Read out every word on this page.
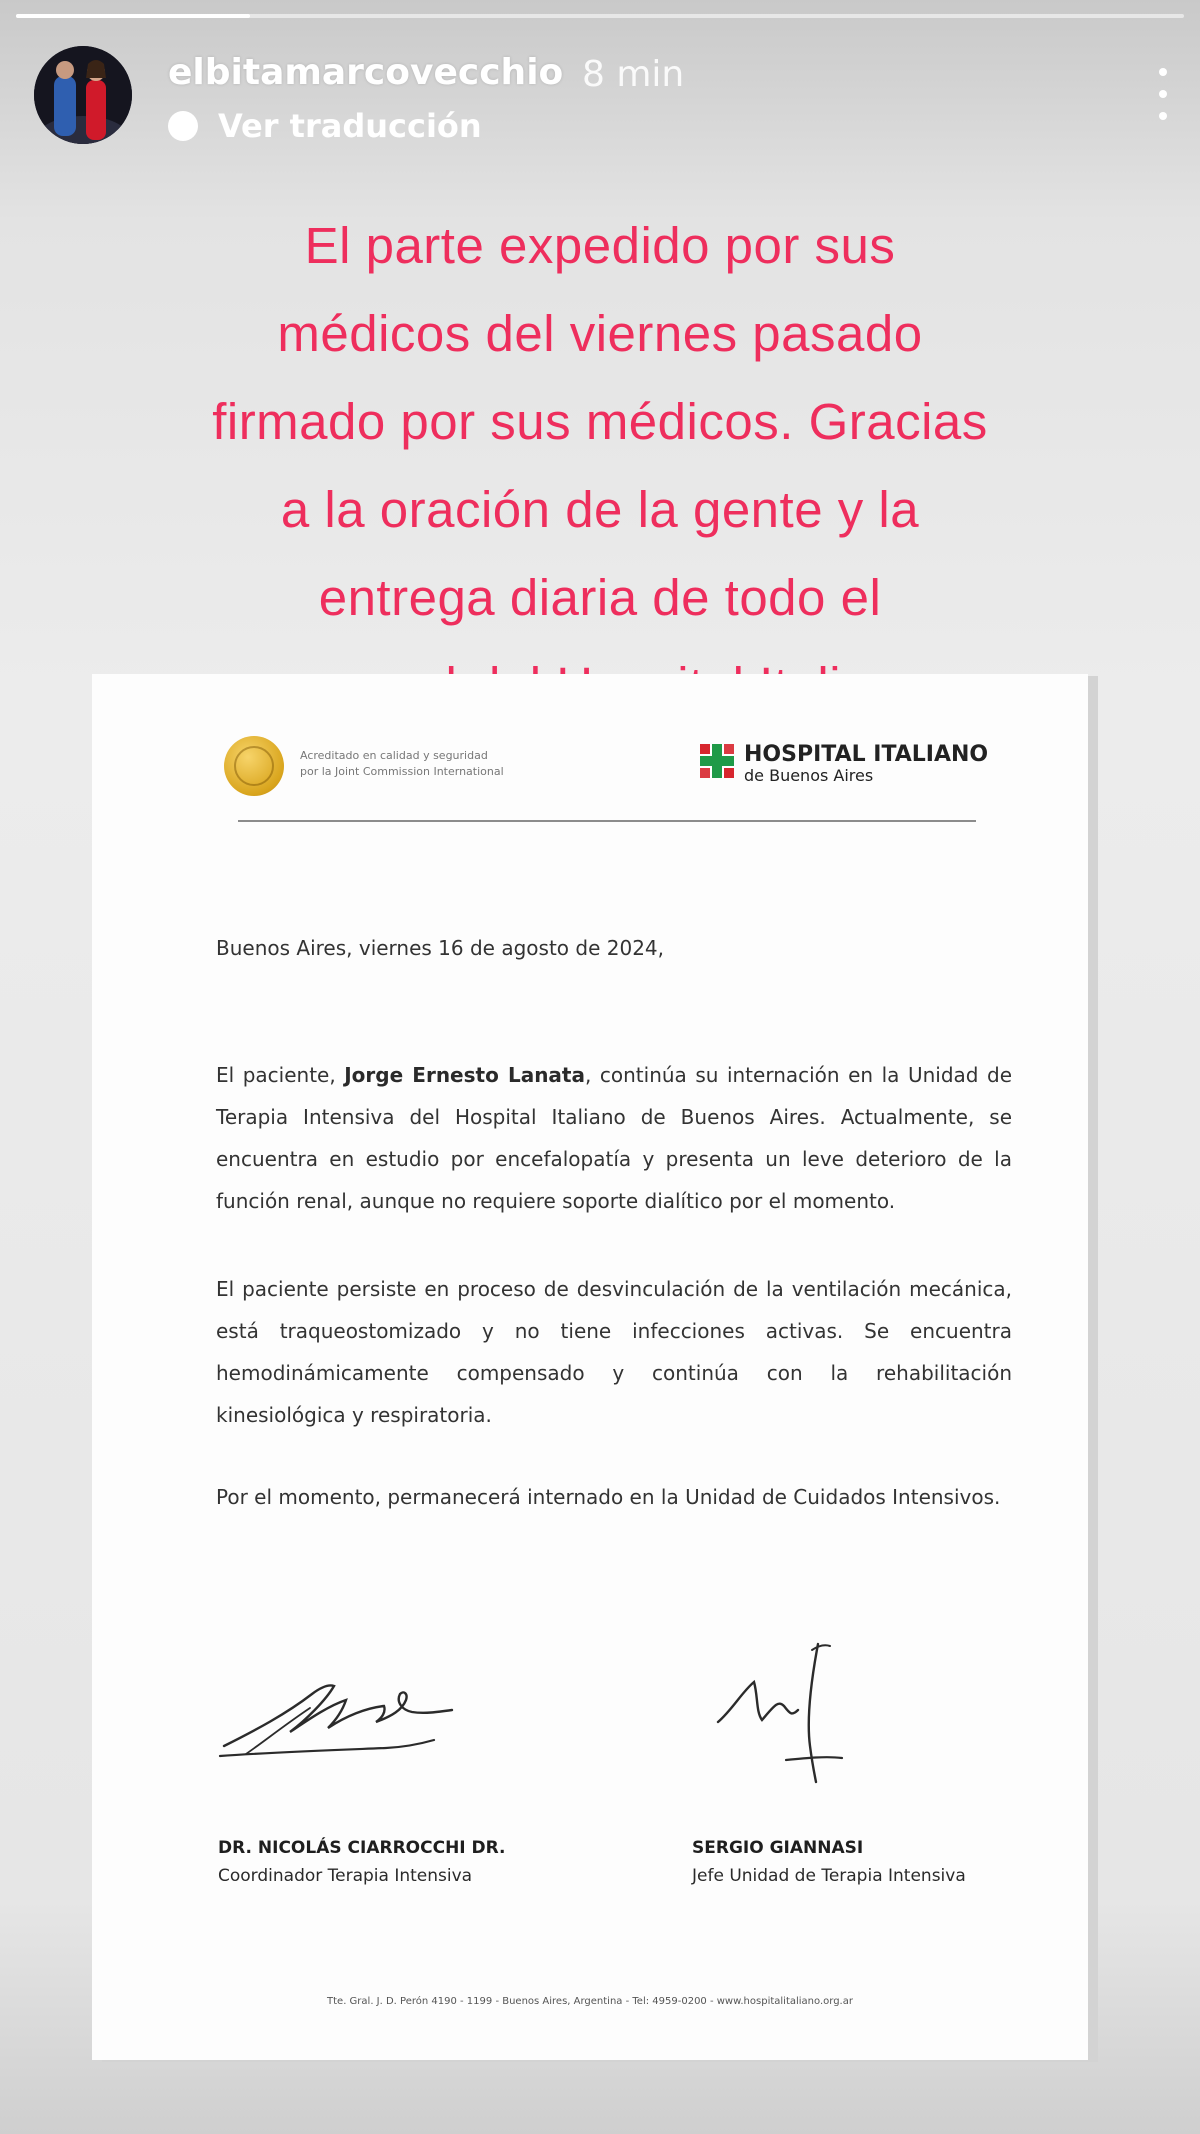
elbitamarcovecchio 8 min
Ver traducción
El parte expedido por sus
médicos del viernes pasado
firmado por sus médicos. Gracias
a la oración de la gente y la
entrega diaria de todo el
Acreditado en calidad y seguridad
por la Joint Commission International
HOSPITAL ITALIANO
de Buenos Aires
Buenos Aires, viernes 16 de agosto de 2024,
El paciente, Jorge Ernesto Lanata, continúa su internación en la Unidad de Terapia Intensiva del Hospital Italiano de Buenos Aires. Actualmente, se encuentra en estudio por encefalopatía y presenta un leve deterioro de la función renal, aunque no requiere soporte dialítico por el momento.
El paciente persiste en proceso de desvinculación de la ventilación mecánica, está traqueostomizado y no tiene infecciones activas. Se encuentra hemodinámicamente compensado y continúa con la rehabilitación kinesiológica y respiratoria.
Por el momento, permanecerá internado en la Unidad de Cuidados Intensivos.
DR. NICOLÁS CIARROCCHI DR.
Coordinador Terapia Intensiva
SERGIO GIANNASI
Jefe Unidad de Terapia Intensiva
Tte. Gral. J. D. Perón 4190 - 1199 - Buenos Aires, Argentina - Tel: 4959-0200 - www.hospitalitaliano.org.ar
